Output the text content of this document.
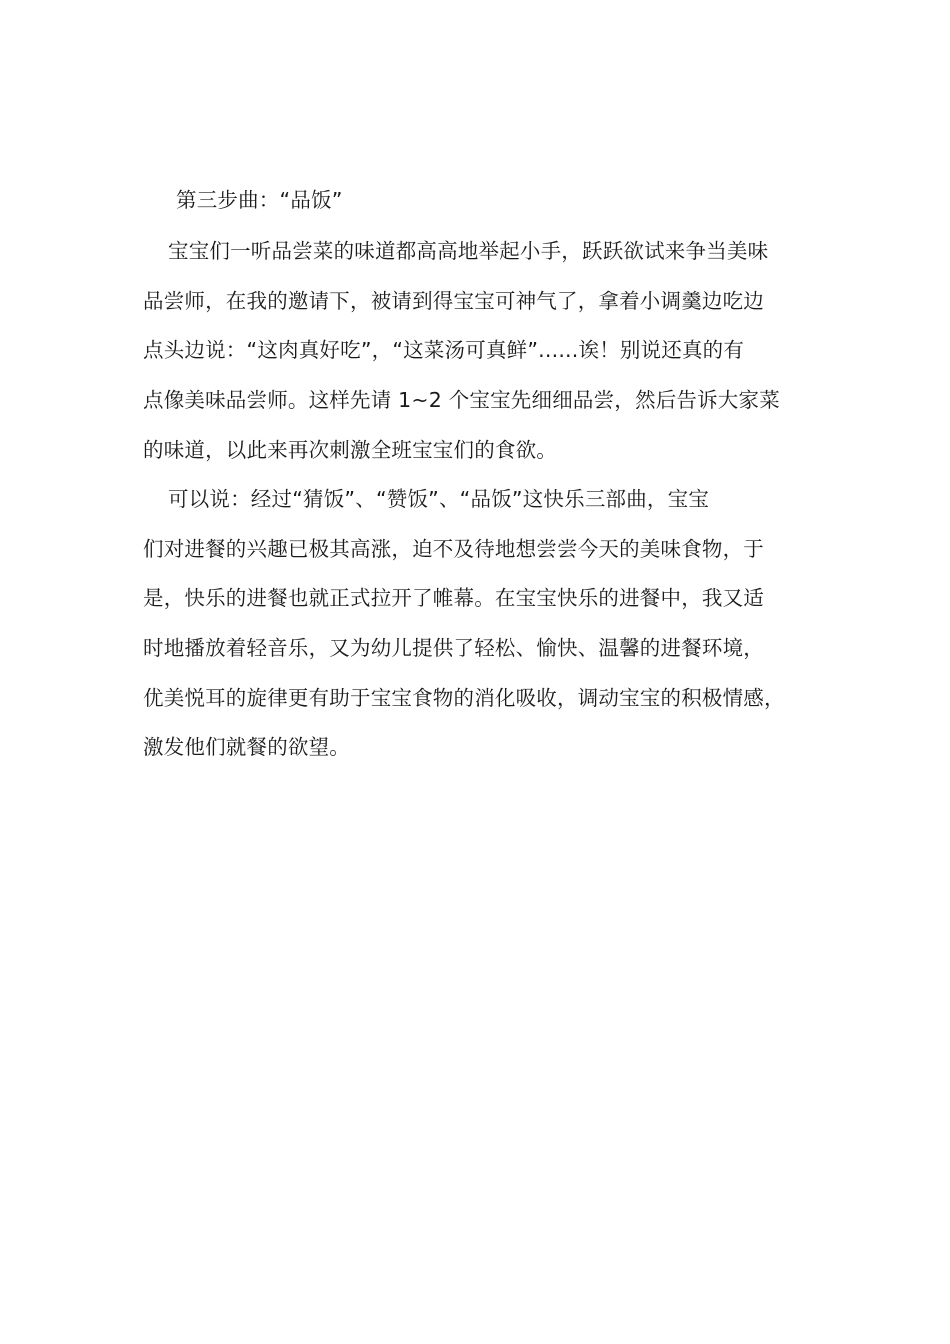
第三步曲：“品饭”
宝宝们一听品尝菜的味道都高高地举起小手，跃跃欲试来争当美味
品尝师，在我的邀请下，被请到得宝宝可神气了，拿着小调羹边吃边
点头边说：“这肉真好吃”，“这菜汤可真鲜”......诶！别说还真的有
点像美味品尝师。这样先请 1~2 个宝宝先细细品尝，然后告诉大家菜
的味道，以此来再次刺激全班宝宝们的食欲。
可以说：经过“猜饭”、“赞饭”、“品饭”这快乐三部曲，宝宝
们对进餐的兴趣已极其高涨，迫不及待地想尝尝今天的美味食物，于
是，快乐的进餐也就正式拉开了帷幕。在宝宝快乐的进餐中，我又适
时地播放着轻音乐，又为幼儿提供了轻松、愉快、温馨的进餐环境，
优美悦耳的旋律更有助于宝宝食物的消化吸收，调动宝宝的积极情感，
激发他们就餐的欲望。
